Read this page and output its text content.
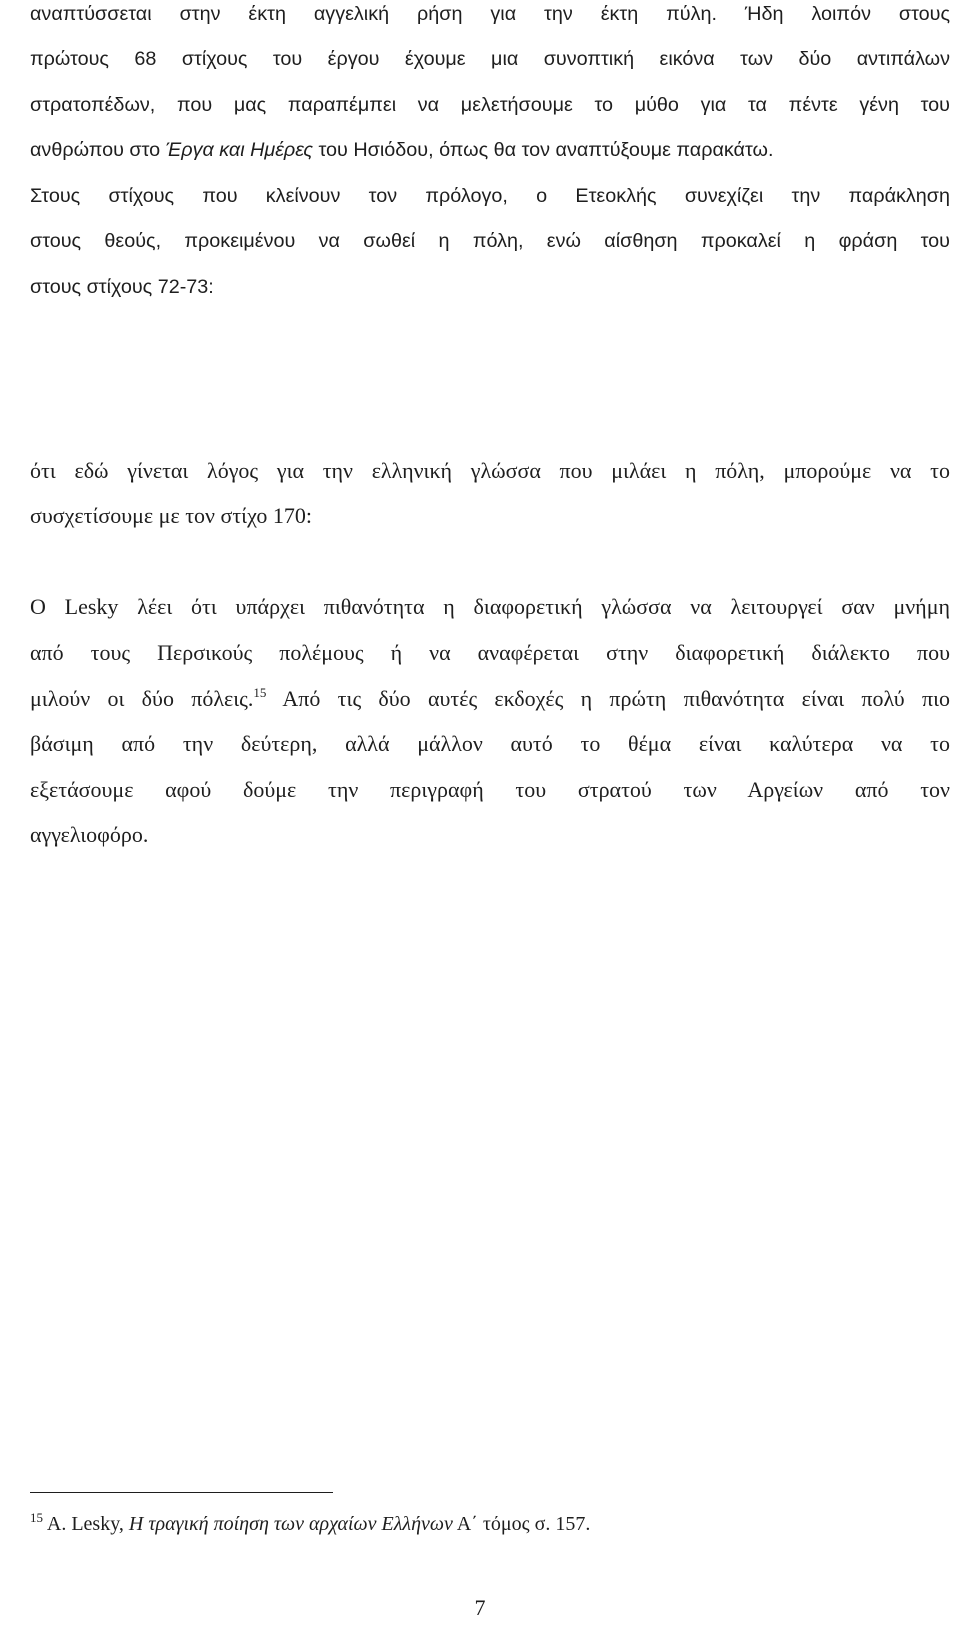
αναπτύσσεται στην έκτη αγγελική ρήση για την έκτη πύλη. Ήδη λοιπόν στους
πρώτους 68 στίχους του έργου έχουμε μια συνοπτική εικόνα των δύο αντιπάλων
στρατοπέδων, που μας παραπέμπει να μελετήσουμε το μύθο για τα πέντε γένη του
ανθρώπου στο Έργα και Ημέρες του Ησιόδου, όπως θα τον αναπτύξουμε παρακάτω.
Στους στίχους που κλείνουν τον πρόλογο, ο Ετεοκλής συνεχίζει την παράκληση
στους θεούς, προκειμένου να σωθεί η πόλη, ενώ αίσθηση προκαλεί η φράση του
στους στίχους 72-73:
ότι εδώ γίνεται λόγος για την ελληνική γλώσσα που μιλάει η πόλη, μπορούμε να το
συσχετίσουμε με τον στίχο 170:
Ο Lesky λέει ότι υπάρχει πιθανότητα η διαφορετική γλώσσα να λειτουργεί σαν μνήμη
από τους Περσικούς πολέμους ή να αναφέρεται στην διαφορετική διάλεκτο που
μιλούν οι δύο πόλεις.$^{15}$ Από τις δύο αυτές εκδοχές η πρώτη πιθανότητα είναι πολύ πιο
βάσιμη από την δεύτερη, αλλά μάλλον αυτό το θέμα είναι καλύτερα να το
εξετάσουμε αφού δούμε την περιγραφή του στρατού των Αργείων από τον
αγγελιοφόρο.
$^{15}$ A. Lesky, Η τραγική ποίηση των αρχαίων Ελλήνων Α΄ τόμος σ. 157.
7
